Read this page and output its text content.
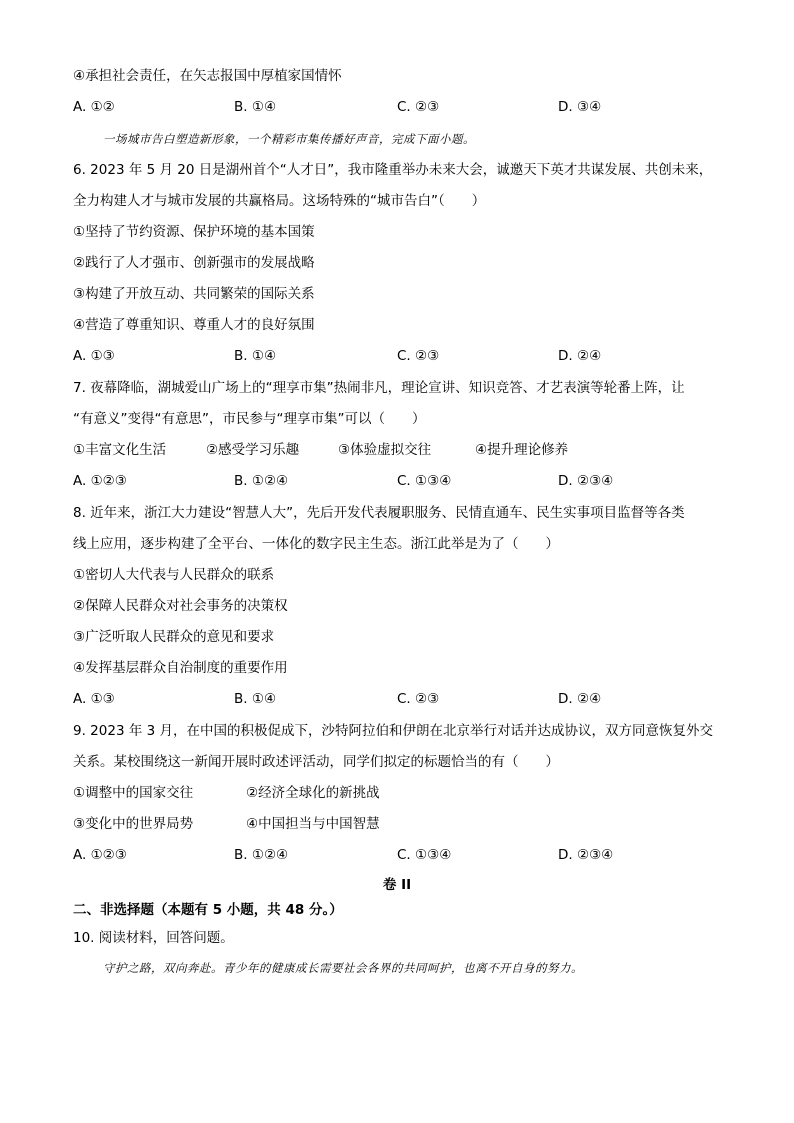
④承担社会责任，在矢志报国中厚植家国情怀
A. ①②	B. ①④	C. ②③	D. ③④
一场城市告白塑造新形象，一个精彩市集传播好声音，完成下面小题。
6. 2023 年 5 月 20 日是湖州首个“人才日”，我市隆重举办未来大会，诚邀天下英才共谋发展、共创未来，
全力构建人才与城市发展的共赢格局。这场特殊的“城市告白”（　　）
①坚持了节约资源、保护环境的基本国策
②践行了人才强市、创新强市的发展战略
③构建了开放互动、共同繁荣的国际关系
④营造了尊重知识、尊重人才的良好氛围
A. ①③	B. ①④	C. ②③	D. ②④
7. 夜幕降临，湖城爱山广场上的“理享市集”热闹非凡，理论宣讲、知识竞答、才艺表演等轮番上阵，让
“有意义”变得“有意思”，市民参与“理享市集”可以（　　）
①丰富文化生活	②感受学习乐趣	③体验虚拟交往	④提升理论修养
A. ①②③	B. ①②④	C. ①③④	D. ②③④
8. 近年来，浙江大力建设“智慧人大”，先后开发代表履职服务、民情直通车、民生实事项目监督等各类
线上应用，逐步构建了全平台、一体化的数字民主生态。浙江此举是为了（　　）
①密切人大代表与人民群众的联系
②保障人民群众对社会事务的决策权
③广泛听取人民群众的意见和要求
④发挥基层群众自治制度的重要作用
A. ①③	B. ①④	C. ②③	D. ②④
9. 2023 年 3 月，在中国的积极促成下，沙特阿拉伯和伊朗在北京举行对话并达成协议，双方同意恢复外交
关系。某校围绕这一新闻开展时政述评活动，同学们拟定的标题恰当的有（　　）
①调整中的国家交往	②经济全球化的新挑战
③变化中的世界局势	④中国担当与中国智慧
A. ①②③	B. ①②④	C. ①③④	D. ②③④
卷 II
二、非选择题（本题有 5 小题，共 48 分。）
10. 阅读材料，回答问题。
守护之路，双向奔赴。青少年的健康成长需要社会各界的共同呵护，也离不开自身的努力。
